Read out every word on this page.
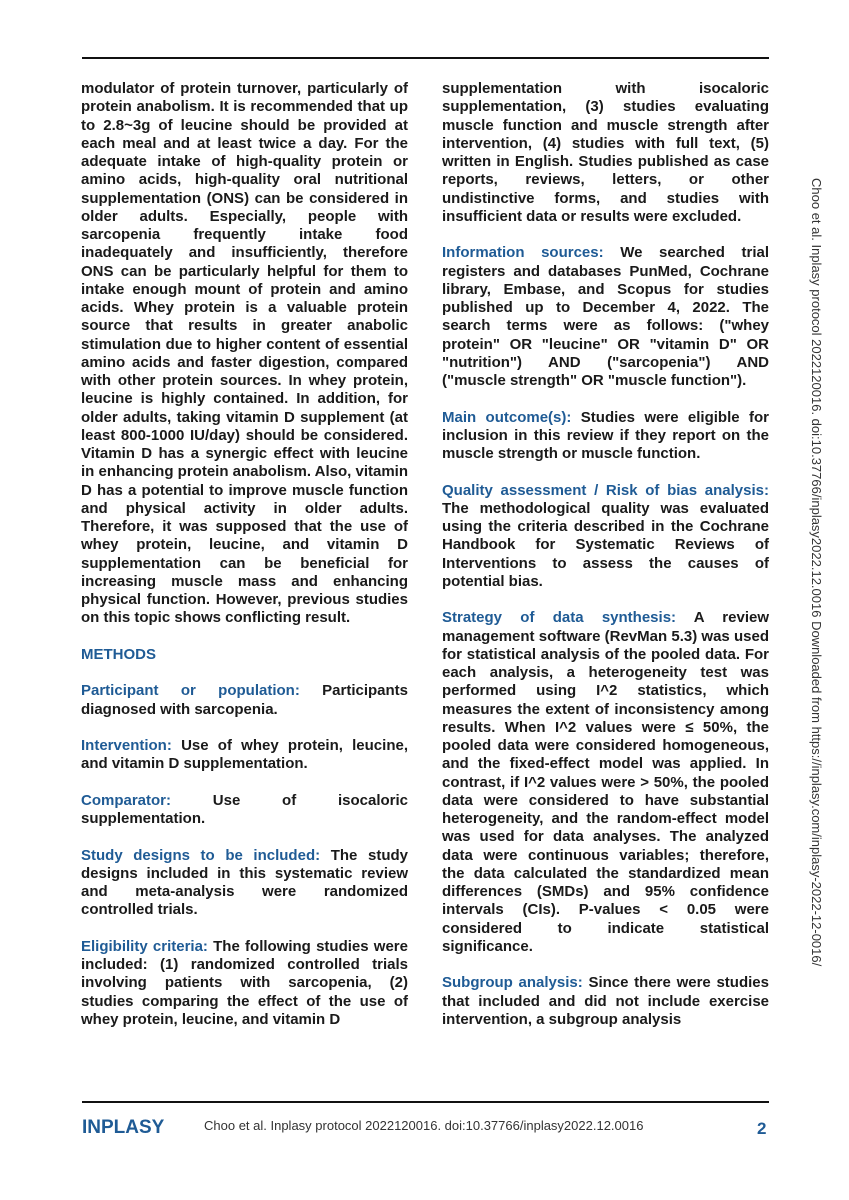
modulator of protein turnover, particularly of protein anabolism. It is recommended that up to 2.8~3g of leucine should be provided at each meal and at least twice a day. For the adequate intake of high-quality protein or amino acids, high-quality oral nutritional supplementation (ONS) can be considered in older adults. Especially, people with sarcopenia frequently intake food inadequately and insufficiently, therefore ONS can be particularly helpful for them to intake enough mount of protein and amino acids. Whey protein is a valuable protein source that results in greater anabolic stimulation due to higher content of essential amino acids and faster digestion, compared with other protein sources. In whey protein, leucine is highly contained. In addition, for older adults, taking vitamin D supplement (at least 800-1000 IU/day) should be considered. Vitamin D has a synergic effect with leucine in enhancing protein anabolism. Also, vitamin D has a potential to improve muscle function and physical activity in older adults. Therefore, it was supposed that the use of whey protein, leucine, and vitamin D supplementation can be beneficial for increasing muscle mass and enhancing physical function. However, previous studies on this topic shows conflicting result.

METHODS

Participant or population: Participants diagnosed with sarcopenia.

Intervention: Use of whey protein, leucine, and vitamin D supplementation.

Comparator: Use of isocaloric supplementation.

Study designs to be included: The study designs included in this systematic review and meta-analysis were randomized controlled trials.

Eligibility criteria: The following studies were included: (1) randomized controlled trials involving patients with sarcopenia, (2) studies comparing the effect of the use of whey protein, leucine, and vitamin D

supplementation with isocaloric supplementation, (3) studies evaluating muscle function and muscle strength after intervention, (4) studies with full text, (5) written in English. Studies published as case reports, reviews, letters, or other undistinctive forms, and studies with insufficient data or results were excluded.

Information sources: We searched trial registers and databases PunMed, Cochrane library, Embase, and Scopus for studies published up to December 4, 2022. The search terms were as follows: ("whey protein" OR "leucine" OR "vitamin D" OR "nutrition") AND ("sarcopenia") AND ("muscle strength" OR "muscle function").

Main outcome(s): Studies were eligible for inclusion in this review if they report on the muscle strength or muscle function.

Quality assessment / Risk of bias analysis: The methodological quality was evaluated using the criteria described in the Cochrane Handbook for Systematic Reviews of Interventions to assess the causes of potential bias.

Strategy of data synthesis: A review management software (RevMan 5.3) was used for statistical analysis of the pooled data. For each analysis, a heterogeneity test was performed using I^2 statistics, which measures the extent of inconsistency among results. When I^2 values were ≤ 50%, the pooled data were considered homogeneous, and the fixed-effect model was applied. In contrast, if I^2 values were > 50%, the pooled data were considered to have substantial heterogeneity, and the random-effect model was used for data analyses. The analyzed data were continuous variables; therefore, the data calculated the standardized mean differences (SMDs) and 95% confidence intervals (CIs). P-values < 0.05 were considered to indicate statistical significance.

Subgroup analysis: Since there were studies that included and did not include exercise intervention, a subgroup analysis

Choo et al. Inplasy protocol 2022120016. doi:10.37766/inplasy2022.12.0016 Downloaded from https://inplasy.com/inplasy-2022-12-0016/
INPLASY	Choo et al. Inplasy protocol 2022120016. doi:10.37766/inplasy2022.12.0016	2
